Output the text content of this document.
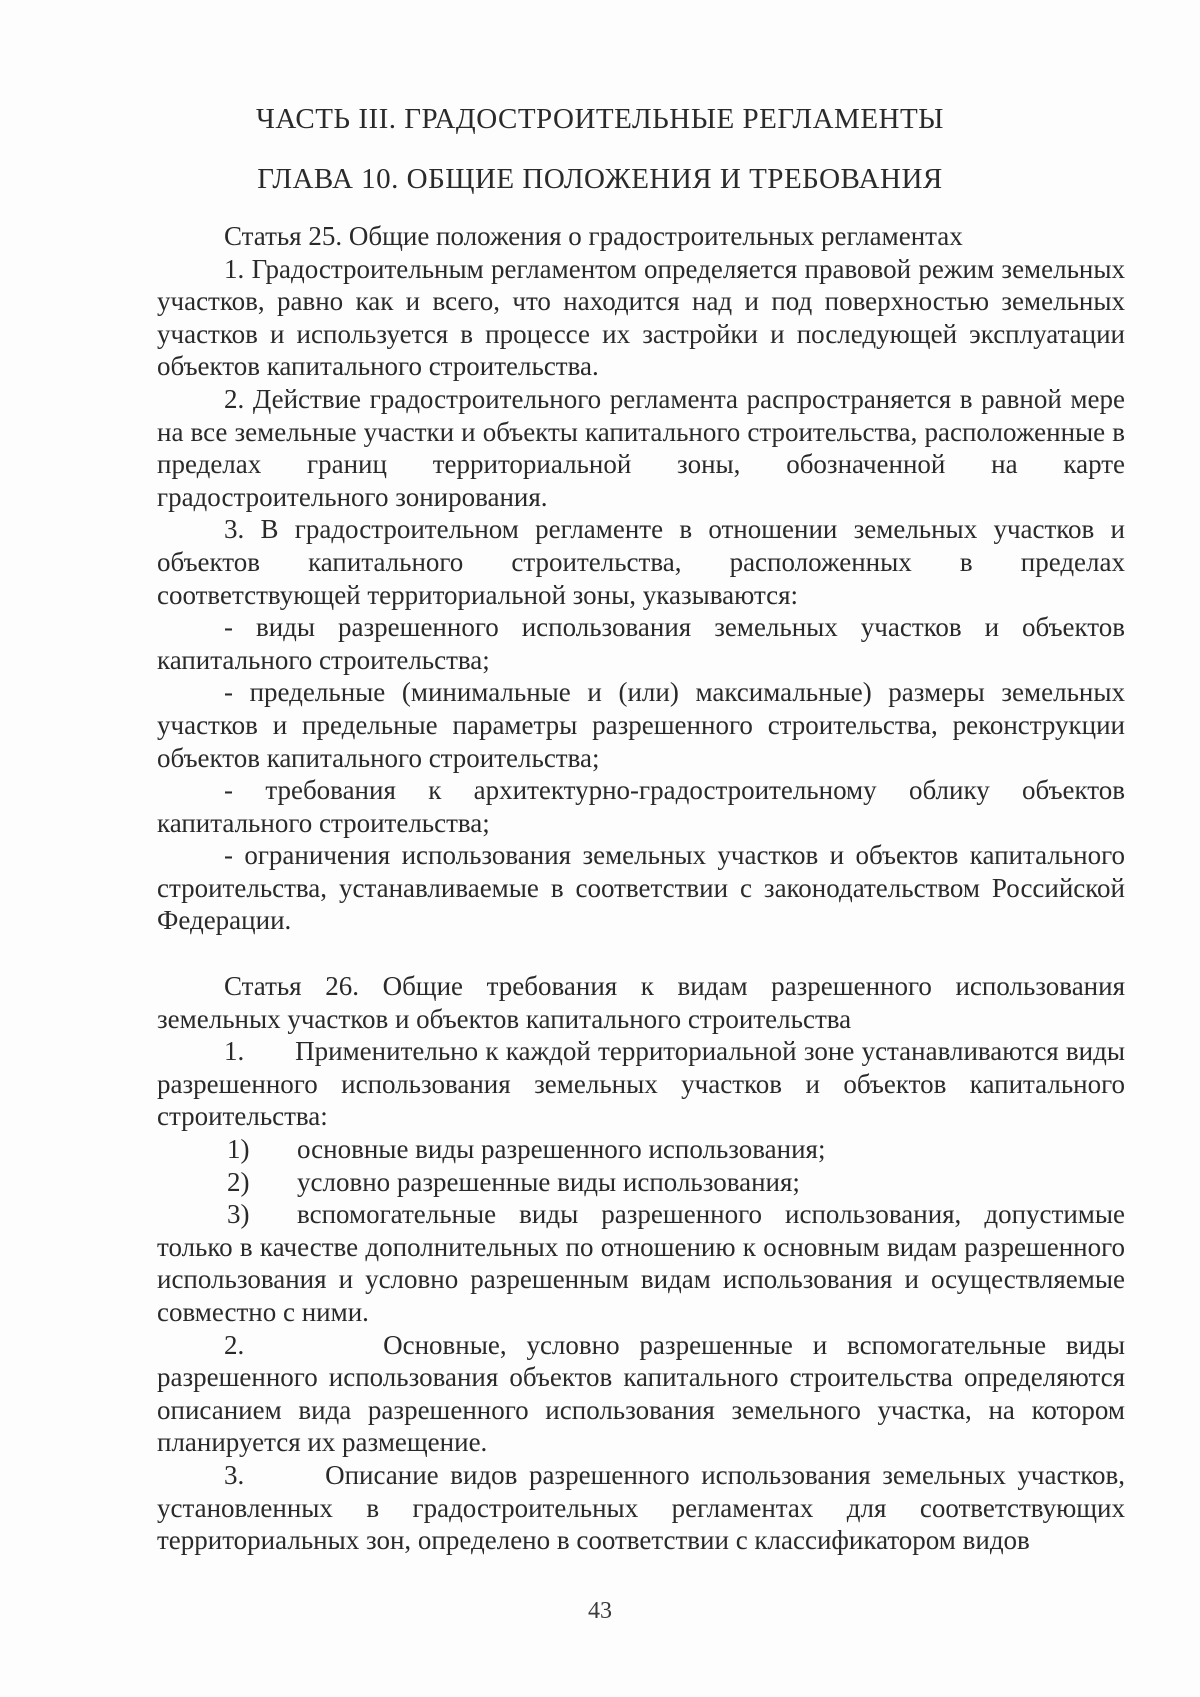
ЧАСТЬ III. ГРАДОСТРОИТЕЛЬНЫЕ РЕГЛАМЕНТЫ
ГЛАВА 10. ОБЩИЕ ПОЛОЖЕНИЯ И ТРЕБОВАНИЯ

Статья 25. Общие положения о градостроительных регламентах

1. Градостроительным регламентом определяется правовой режим земельных участков, равно как и всего, что находится над и под поверхностью земельных участков и используется в процессе их застройки и последующей эксплуатации объектов капитального строительства.

2. Действие градостроительного регламента распространяется в равной мере на все земельные участки и объекты капитального строительства, расположенные в пределах границ территориальной зоны, обозначенной на карте градостроительного зонирования.

3. В градостроительном регламенте в отношении земельных участков и объектов капитального строительства, расположенных в пределах соответствующей территориальной зоны, указываются:

- виды разрешенного использования земельных участков и объектов капитального строительства;

- предельные (минимальные и (или) максимальные) размеры земельных участков и предельные параметры разрешенного строительства, реконструкции объектов капитального строительства;

- требования к архитектурно-градостроительному облику объектов капитального строительства;

- ограничения использования земельных участков и объектов капитального строительства, устанавливаемые в соответствии с законодательством Российской Федерации.

Статья 26. Общие требования к видам разрешенного использования земельных участков и объектов капитального строительства

1.       Применительно к каждой территориальной зоне устанавливаются виды разрешенного использования земельных участков и объектов капитального строительства:

1) основные виды разрешенного использования;

2) условно разрешенные виды использования;

3) вспомогательные виды разрешенного использования, допустимые только в качестве дополнительных по отношению к основным видам разрешенного использования и условно разрешенным видам использования и осуществляемые совместно с ними.

2.       Основные, условно разрешенные и вспомогательные виды разрешенного использования объектов капитального строительства определяются описанием вида разрешенного использования земельного участка, на котором планируется их размещение.

3.       Описание видов разрешенного использования земельных участков, установленных в градостроительных регламентах для соответствующих территориальных зон, определено в соответствии с классификатором видов

43
